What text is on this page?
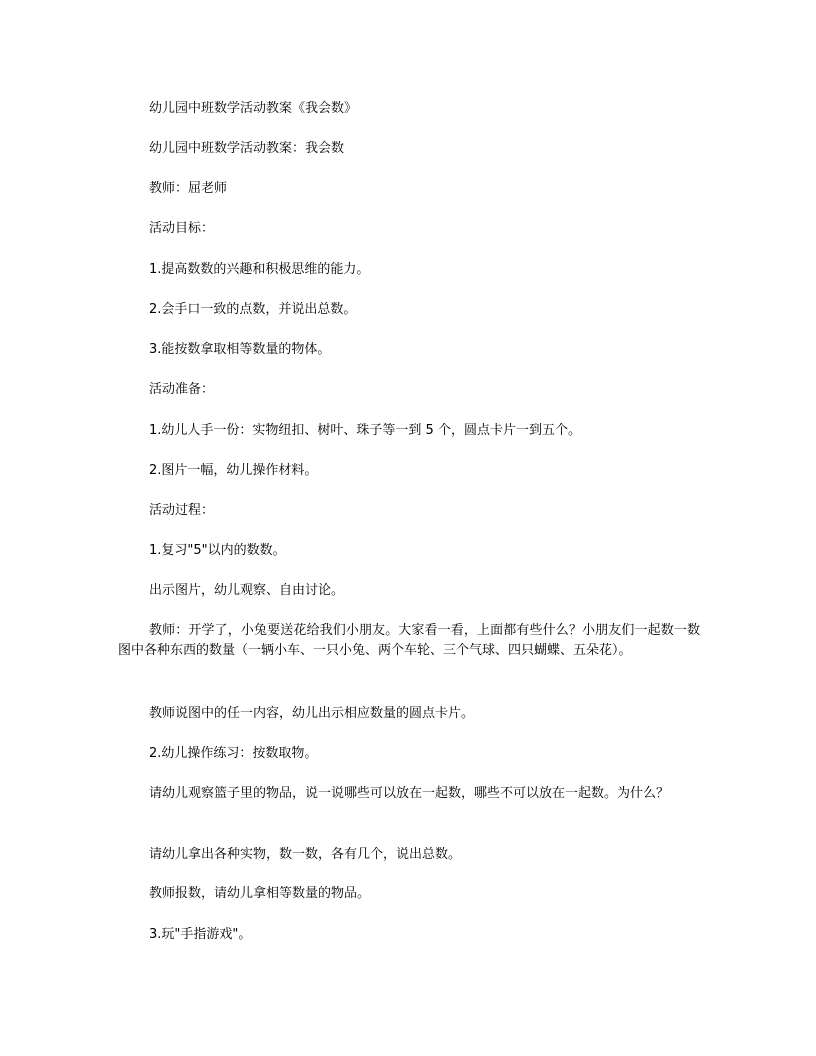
幼儿园中班数学活动教案《我会数》

幼儿园中班数学活动教案：我会数

教师：屈老师

活动目标：

1.提高数数的兴趣和积极思维的能力。

2.会手口一致的点数，并说出总数。

3.能按数拿取相等数量的物体。

活动准备：

1.幼儿人手一份：实物纽扣、树叶、珠子等一到 5 个，圆点卡片一到五个。

2.图片一幅，幼儿操作材料。

活动过程：

1.复习"5"以内的数数。

出示图片，幼儿观察、自由讨论。

教师：开学了，小兔要送花给我们小朋友。大家看一看，上面都有些什么？小朋友们一起数一数图中各种东西的数量（一辆小车、一只小兔、两个车轮、三个气球、四只蝴蝶、五朵花）。

教师说图中的任一内容，幼儿出示相应数量的圆点卡片。

2.幼儿操作练习：按数取物。

请幼儿观察篮子里的物品，说一说哪些可以放在一起数，哪些不可以放在一起数。为什么？

请幼儿拿出各种实物，数一数，各有几个，说出总数。

教师报数，请幼儿拿相等数量的物品。

3.玩"手指游戏"。
